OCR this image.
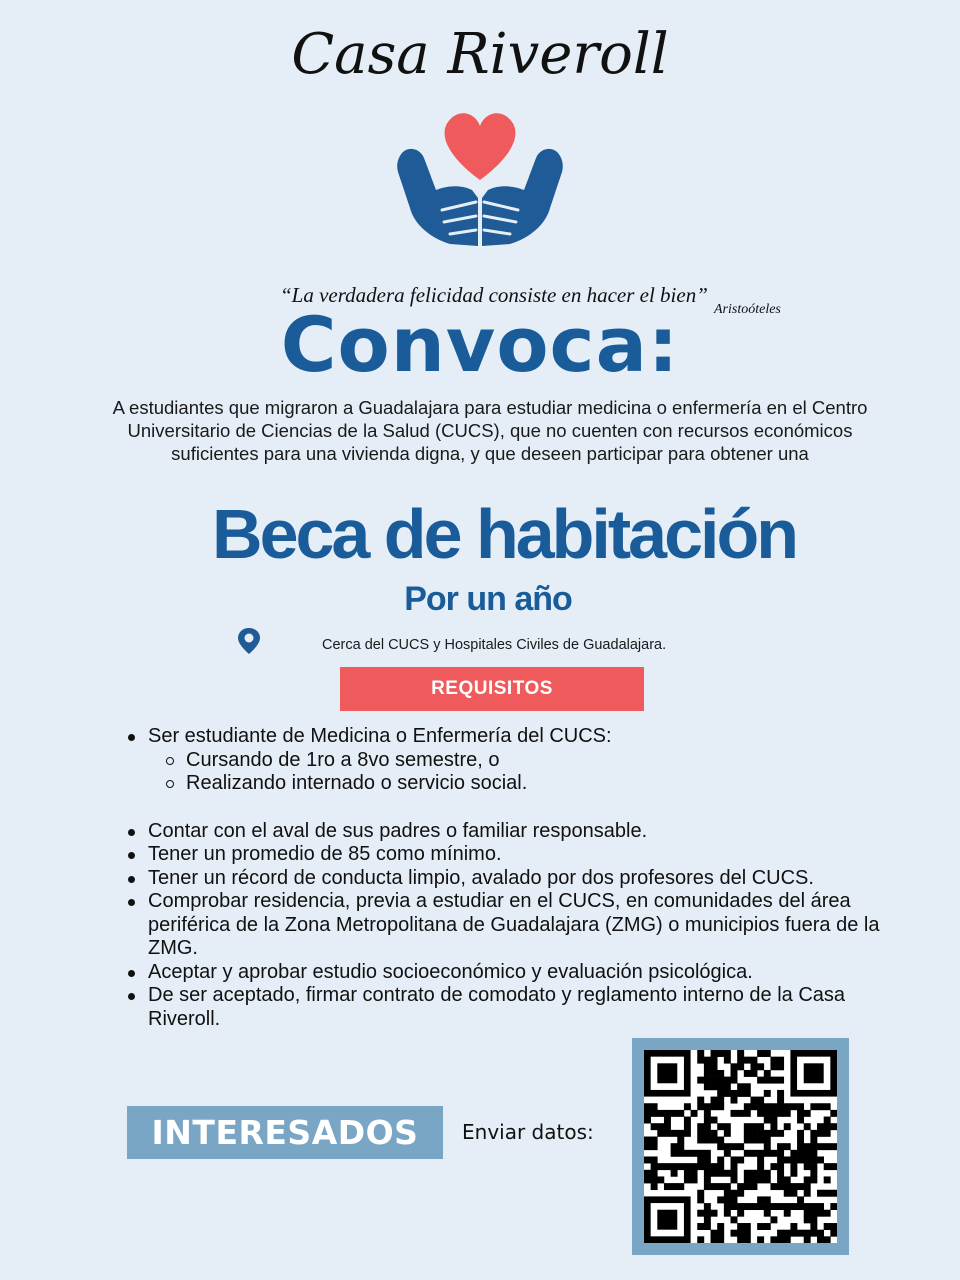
Casa Riveroll
“La verdadera felicidad consiste en hacer el bien”
Aristoóteles
Convoca:
A estudiantes que migraron a Guadalajara para estudiar medicina o enfermería en el Centro Universitario de Ciencias de la Salud (CUCS), que no cuenten con recursos económicos suficientes para una vivienda digna, y que deseen participar para obtener una
Beca de habitación
Por un año
Cerca del CUCS y Hospitales Civiles de Guadalajara.
REQUISITOS
Ser estudiante de Medicina o Enfermería del CUCS:
Cursando de 1ro a 8vo semestre, o
Realizando internado o servicio social.
Contar con el aval de sus padres o familiar responsable.
Tener un promedio de 85 como mínimo.
Tener un récord de conducta limpio, avalado por dos profesores del CUCS.
Comprobar residencia, previa a estudiar en el CUCS, en comunidades del área periférica de la Zona Metropolitana de Guadalajara (ZMG) o municipios fuera de la ZMG.
Aceptar y aprobar estudio socioeconómico y evaluación psicológica.
De ser aceptado, firmar contrato de comodato y reglamento interno de la Casa Riveroll.
INTERESADOS	Enviar datos:
